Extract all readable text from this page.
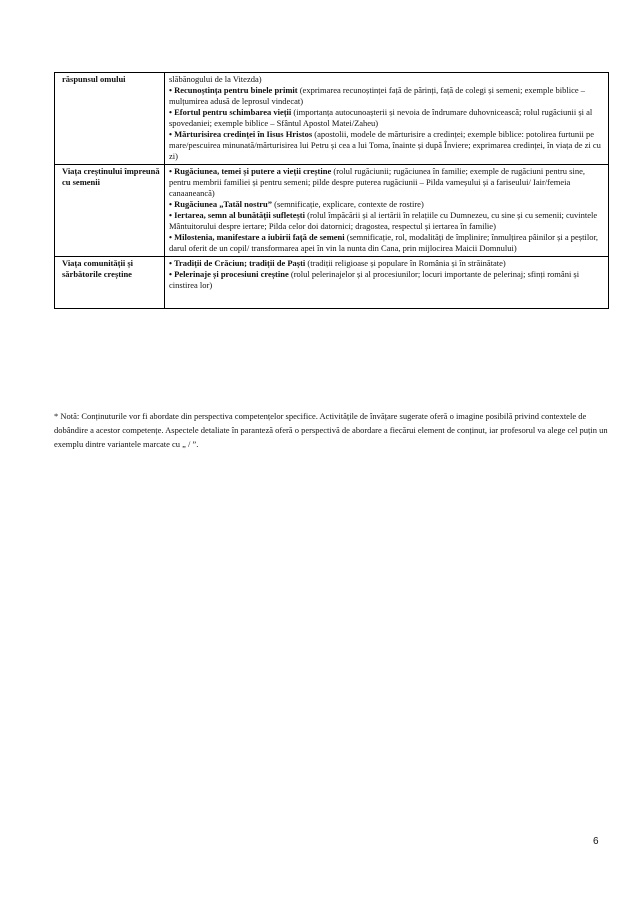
răspunsul omului	slăbănogului de la Vitezda)
• Recunoștința pentru binele primit (exprimarea recunoștinței față de părinți, față de colegi și semeni; exemple biblice – mulțumirea adusă de leprosul vindecat)
• Efortul pentru schimbarea vieții (importanța autocunoașterii și nevoia de îndrumare duhovnicească; rolul rugăciunii și al spovedaniei; exemple biblice – Sfântul Apostol Matei/Zaheu)
• Mărturisirea credinței în Iisus Hristos (apostolii, modele de mărturisire a credinței; exemple biblice: potolirea furtunii pe mare/pescuirea minunată/mărturisirea lui Petru și cea a lui Toma, înainte și după Înviere; exprimarea credinței, în viața de zi cu zi)

Viața creștinului împreună cu semenii	• Rugăciunea, temei și putere a vieții creștine (rolul rugăciunii; rugăciunea în familie; exemple de rugăciuni pentru sine, pentru membrii familiei și pentru semeni; pilde despre puterea rugăciunii – Pilda vameșului și a fariseului/ Iair/femeia canaaneancă)
• Rugăciunea „Tatăl nostru” (semnificație, explicare, contexte de rostire)
• Iertarea, semn al bunătății sufletești (rolul împăcării și al iertării în relațiile cu Dumnezeu, cu sine și cu semenii; cuvintele Mântuitorului despre iertare; Pilda celor doi datornici; dragostea, respectul și iertarea în familie)
• Milostenia, manifestare a iubirii față de semeni (semnificație, rol, modalități de împlinire; înmulțirea pâinilor și a peștilor, darul oferit de un copil/ transformarea apei în vin la nunta din Cana, prin mijlocirea Maicii Domnului)

Viața comunității și sărbătorile creștine	• Tradiții de Crăciun; tradiții de Paști (tradiții religioase și populare în România și în străinătate)
• Pelerinaje și procesiuni creștine (rolul pelerinajelor și al procesiunilor; locuri importante de pelerinaj; sfinți români și cinstirea lor)

* Notă: Conținuturile vor fi abordate din perspectiva competențelor specifice. Activitățile de învățare sugerate oferă o imagine posibilă privind contextele de dobândire a acestor competențe. Aspectele detaliate în paranteză oferă o perspectivă de abordare a fiecărui element de conținut, iar profesorul va alege cel puțin un exemplu dintre variantele marcate cu „ / ”.

6
